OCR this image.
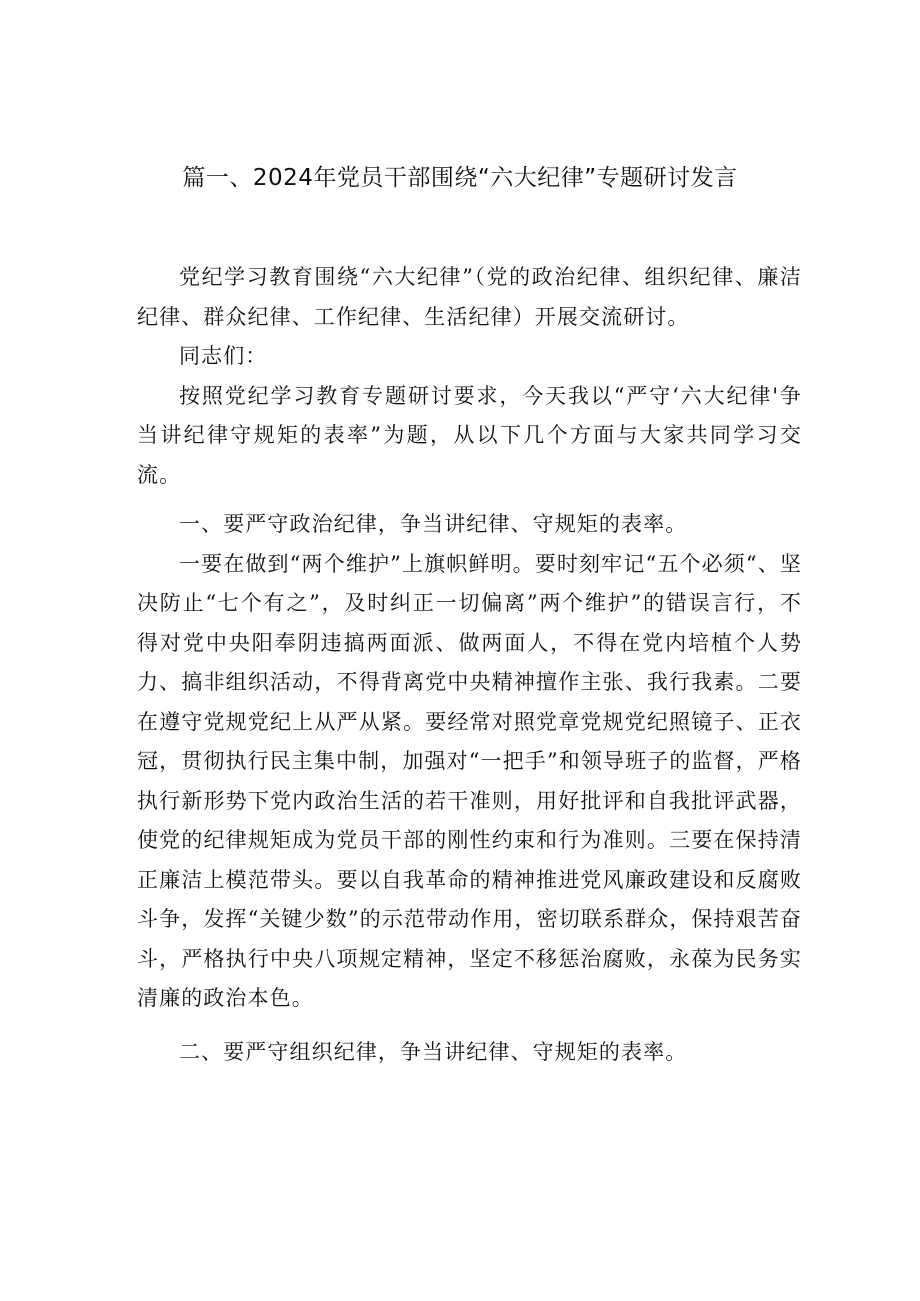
篇一、2024年党员干部围绕“六大纪律”专题研讨发言

党纪学习教育围绕“六大纪律”（党的政治纪律、组织纪律、廉洁纪律、群众纪律、工作纪律、生活纪律）开展交流研讨。

同志们：

按照党纪学习教育专题研讨要求，今天我以“严守‘六大纪律'争当讲纪律守规矩的表率”为题，从以下几个方面与大家共同学习交流。

一、要严守政治纪律，争当讲纪律、守规矩的表率。

一要在做到“两个维护”上旗帜鲜明。要时刻牢记“五个必须“、坚决防止“七个有之”，及时纠正一切偏离”两个维护”的错误言行，不得对党中央阳奉阴违搞两面派、做两面人，不得在党内培植个人势力、搞非组织活动，不得背离党中央精神擅作主张、我行我素。二要在遵守党规党纪上从严从紧。要经常对照党章党规党纪照镜子、正衣冠，贯彻执行民主集中制，加强对“一把手”和领导班子的监督，严格执行新形势下党内政治生活的若干准则，用好批评和自我批评武器，使党的纪律规矩成为党员干部的刚性约束和行为准则。三要在保持清正廉洁上模范带头。要以自我革命的精神推进党风廉政建设和反腐败斗争，发挥“关键少数”的示范带动作用，密切联系群众，保持艰苦奋斗，严格执行中央八项规定精神，坚定不移惩治腐败，永葆为民务实清廉的政治本色。

二、要严守组织纪律，争当讲纪律、守规矩的表率。
